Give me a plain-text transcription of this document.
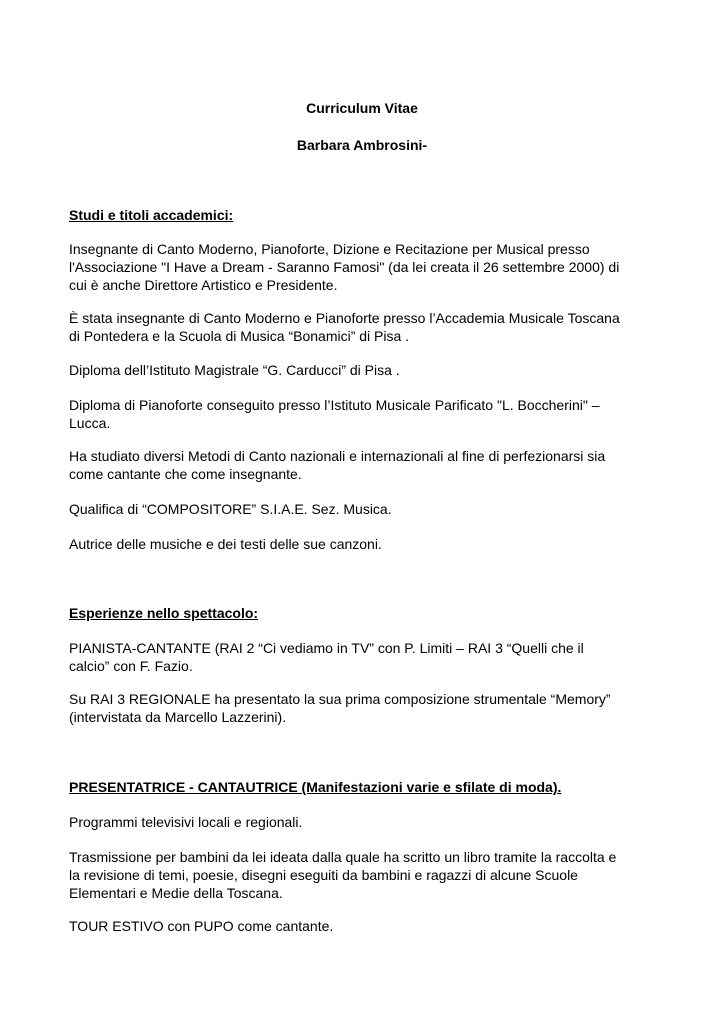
Curriculum Vitae
Barbara Ambrosini-
Studi e titoli accademici:
Insegnante di Canto Moderno, Pianoforte, Dizione e Recitazione per Musical presso
l'Associazione "I Have a Dream - Saranno Famosi" (da lei creata il 26 settembre 2000) di
cui è anche Direttore Artistico e Presidente.
È stata insegnante di Canto Moderno e Pianoforte presso l’Accademia Musicale Toscana
di Pontedera e la Scuola di Musica “Bonamici” di Pisa .
Diploma dell’Istituto Magistrale “G. Carducci” di Pisa .
Diploma di Pianoforte conseguito presso l’Istituto Musicale Parificato "L. Boccherini" –
Lucca.
Ha studiato diversi Metodi di Canto nazionali e internazionali al fine di perfezionarsi sia
come cantante che come insegnante.
Qualifica di “COMPOSITORE” S.I.A.E. Sez. Musica.
Autrice delle musiche e dei testi delle sue canzoni.
Esperienze nello spettacolo:
PIANISTA-CANTANTE (RAI 2 “Ci vediamo in TV” con P. Limiti – RAI 3 “Quelli che il
calcio” con F. Fazio.
Su RAI 3 REGIONALE ha presentato la sua prima composizione strumentale “Memory”
(intervistata da Marcello Lazzerini).
PRESENTATRICE - CANTAUTRICE (Manifestazioni varie e sfilate di moda).
Programmi televisivi locali e regionali.
Trasmissione per bambini da lei ideata dalla quale ha scritto un libro tramite la raccolta e
la revisione di temi, poesie, disegni eseguiti da bambini e ragazzi di alcune Scuole
Elementari e Medie della Toscana.
TOUR ESTIVO con PUPO come cantante.
